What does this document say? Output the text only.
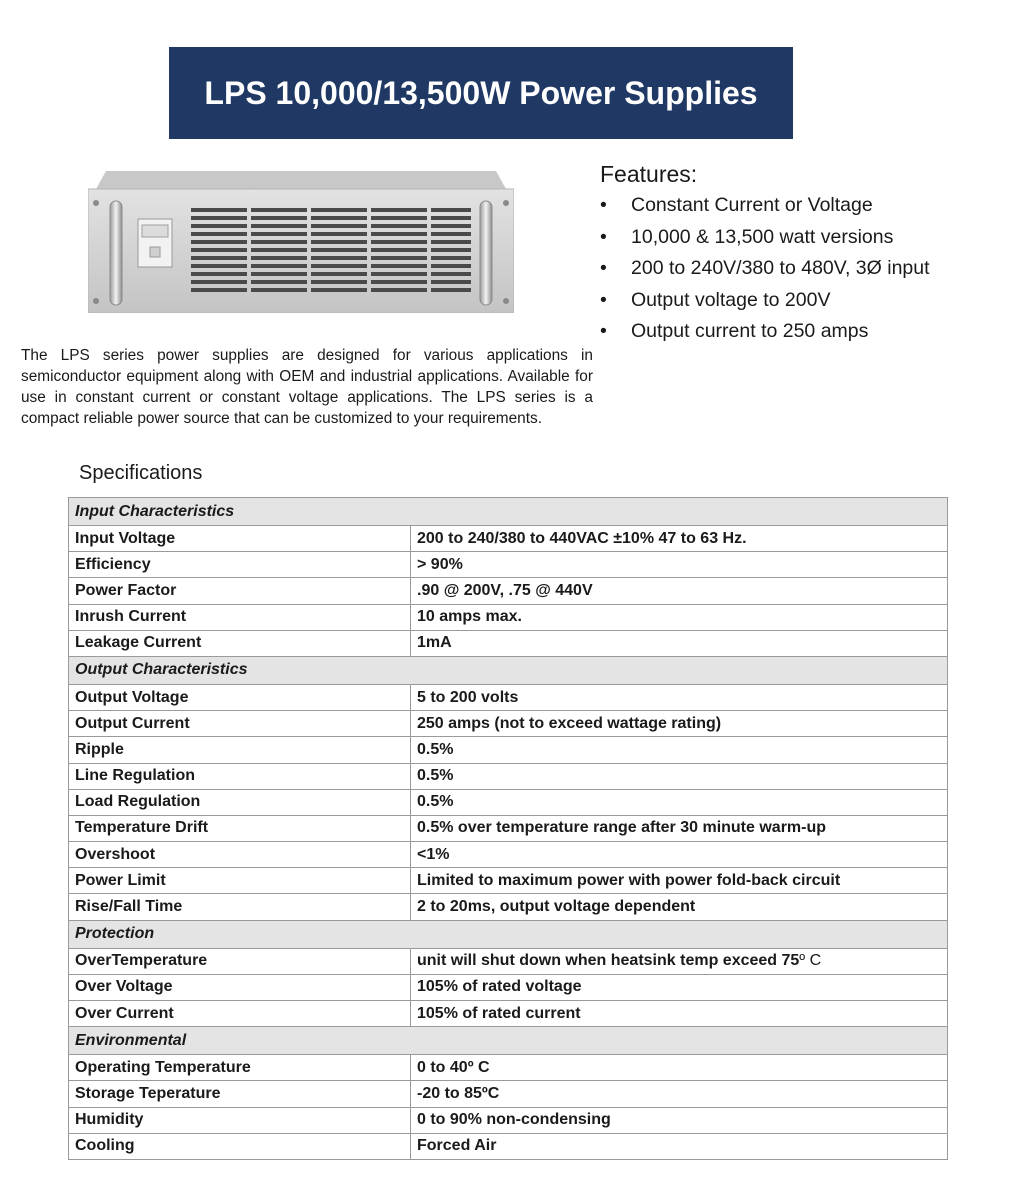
LPS 10,000/13,500W Power Supplies
Features:
• Constant Current or Voltage
• 10,000 & 13,500 watt versions
• 200 to 240V/380 to 480V, 3Ø input
• Output voltage to 200V
• Output current to 250 amps
The LPS series power supplies are designed for various applications in semiconductor equipment along with OEM and industrial applications. Available for use in constant current or constant voltage applications. The LPS series is a compact reliable power source that can be customized to your requirements.
Specifications
Input Characteristics	
Input Voltage	200 to 240/380 to 440VAC ±10% 47 to 63 Hz.
Efficiency	> 90%
Power Factor	.90 @ 200V, .75 @ 440V
Inrush Current	10 amps max.
Leakage Current	1mA
Output Characteristics	
Output Voltage	5 to 200 volts
Output Current	250 amps (not to exceed wattage rating)
Ripple	0.5%
Line Regulation	0.5%
Load Regulation	0.5%
Temperature Drift	0.5% over temperature range after 30 minute warm-up
Overshoot	<1%
Power Limit	Limited to maximum power with power fold-back circuit
Rise/Fall Time	2 to 20ms, output voltage dependent
Protection	
OverTemperature	unit will shut down when heatsink temp exceed 75º C
Over Voltage	105% of rated voltage
Over Current	105% of rated current
Environmental	
Operating Temperature	0 to 40º C
Storage Teperature	-20 to 85ºC
Humidity	0 to 90% non-condensing
Cooling	Forced Air
